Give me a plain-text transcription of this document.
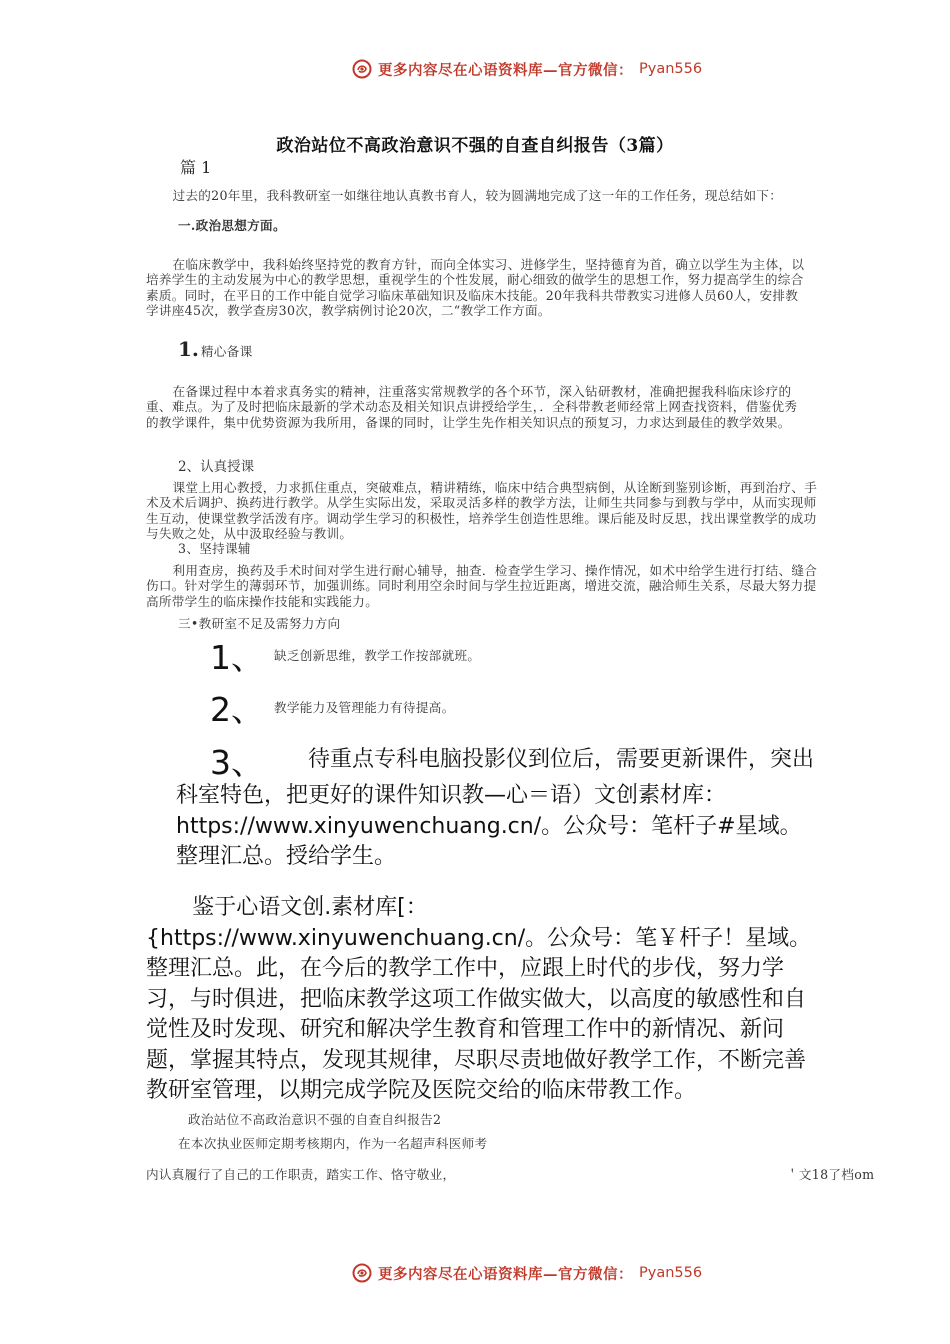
更多内容尽在心语资料库—官方微信： Pyan556
政治站位不高政治意识不强的自查自纠报告（3篇）
篇 1
过去的20年里，我科教研室一如继往地认真教书育人，较为圆满地完成了这一年的工作任务，现总结如下：
一.政治思想方面。
在临床教学中，我科始终坚持党的教育方针，而向全体实习、进修学生，坚持德育为首，确立以学生为主体，以培养学生的主动发展为中心的教学思想，重视学生的个性发展，耐心细致的做学生的思想工作，努力提高学生的综合素质。同时，在平日的工作中能自觉学习临床革础知识及临床木技能。20年我科共带教实习进修人员60人，安排教学讲座45次，教学查房30次，教学病例讨论20次，二“教学工作方面。
1. 精心备课
在备课过程中本着求真务实的精神，注重落实常规教学的各个环节，深入钻研教材，准确把握我科临床诊疗的重、难点。为了及时把临床最新的学术动态及相关知识点讲授给学生，．全科带教老师经常上网查找资料，借鉴优秀的教学课件，集中优势资源为我所用，备课的同时，让学生先作相关知识点的预复习，力求达到最佳的教学效果。
2、认真授课
课堂上用心教授，力求抓住重点，突破难点，精讲精练，临床中结合典型病倒，从诠断到鉴别诊断，再到治疗、手术及术后调护、换药进行教学。从学生实际出发，采取灵活多样的教学方法，让师生共同参与到教与学中，从而实现师生互动，使课堂教学活泼有序。调动学生学习的积极性，培养学生创造性思维。课后能及时反思，找出课堂教学的成功与失败之处，从中汲取经验与教训。
3、坚持课辅
利用查房，换药及手术时间对学生进行耐心辅导，抽查．检查学生学习、操作情况，如术中给学生进行打结、缝合伤口。针对学生的薄弱环节，加强训练。同时利用空余时间与学生拉近距离，增进交流，融洽师生关系，尽最大努力提高所带学生的临床操作技能和实践能力。
三•教研室不足及需努力方向
1、 缺乏创新思维，教学工作按部就班。
2、 教学能力及管理能力有待提高。
3、 待重点专科电脑投影仪到位后，需要更新课件，突出科室特色，把更好的课件知识教—心＝语）文创素材库：https://www.xinyuwenchuang.cn/。公众号：笔杆子#星域。整理汇总。授给学生。
鉴于心语文创.素材库[：{https://www.xinyuwenchuang.cn/。公众号：笔￥杆子！星域。整理汇总。此，在今后的教学工作中，应跟上时代的步伐，努力学习，与时俱进，把临床教学这项工作做实做大，以高度的敏感性和自觉性及时发现、研究和解决学生教育和管理工作中的新情况、新问题，掌握其特点，发现其规律，尽职尽责地做好教学工作，不断完善教研室管理，以期完成学院及医院交给的临床带教工作。
政治站位不高政治意识不强的自查自纠报告2
在本次执业医师定期考核期内，作为一名超声科医师考
内认真履行了自己的工作职责，踏实工作、恪守敬业，	＇文18了档om
更多内容尽在心语资料库—官方微信： Pyan556
